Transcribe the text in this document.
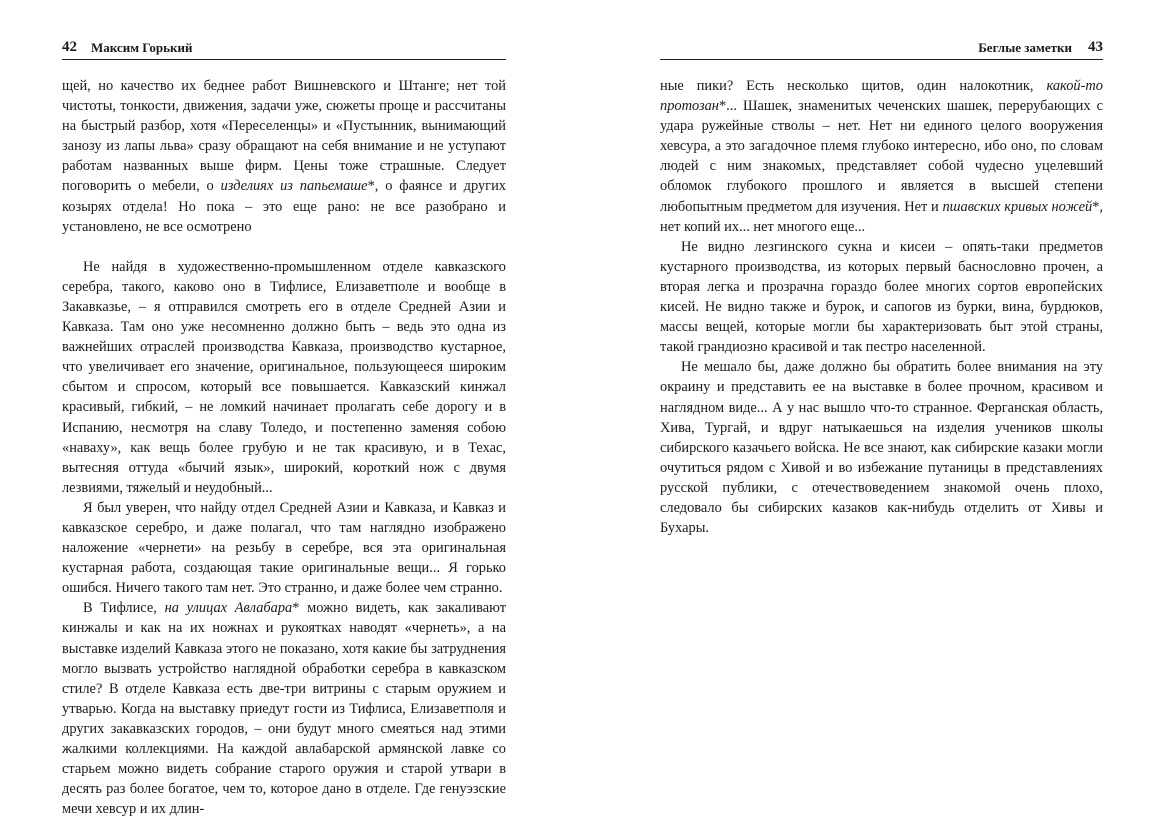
42 Максим Горький

щей, но качество их беднее работ Вишневского и Штанге; нет той чистоты, тонкости, движения, задачи уже, сюжеты проще и рассчитаны на быстрый разбор, хотя «Переселенцы» и «Пустынник, вынимающий занозу из лапы льва» сразу обращают на себя внимание и не уступают работам названных выше фирм. Цены тоже страшные. Следует поговорить о мебели, о изделиях из папьемаше*, о фаянсе и других козырях отдела! Но пока – это еще рано: не все разобрано и установлено, не все осмотрено

Не найдя в художественно-промышленном отделе кавказского серебра, такого, каково оно в Тифлисе, Елизаветполе и вообще в Закавказье, – я отправился смотреть его в отделе Средней Азии и Кавказа. Там оно уже несомненно должно быть – ведь это одна из важнейших отраслей производства Кавказа, производство кустарное, что увеличивает его значение, оригинальное, пользующееся широким сбытом и спросом, который все повышается. Кавказский кинжал красивый, гибкий, – не ломкий начинает пролагать себе дорогу и в Испанию, несмотря на славу Толедо, и постепенно заменяя собою «наваху», как вещь более грубую и не так красивую, и в Техас, вытесняя оттуда «бычий язык», широкий, короткий нож с двумя лезвиями, тяжелый и неудобный...

Я был уверен, что найду отдел Средней Азии и Кавказа, и Кавказ и кавказское серебро, и даже полагал, что там наглядно изображено наложение «чернети» на резьбу в серебре, вся эта оригинальная кустарная работа, создающая такие оригинальные вещи... Я горько ошибся. Ничего такого там нет. Это странно, и даже более чем странно.

В Тифлисе, на улицах Авлабара* можно видеть, как закаливают кинжалы и как на их ножнах и рукоятках наводят «чернеть», а на выставке изделий Кавказа этого не показано, хотя какие бы затруднения могло вызвать устройство наглядной обработки серебра в кавказском стиле? В отделе Кавказа есть две-три витрины с старым оружием и утварью. Когда на выставку приедут гости из Тифлиса, Елизаветполя и других закавказских городов, – они будут много смеяться над этими жалкими коллекциями. На каждой авлабарской армянской лавке со старьем можно видеть собрание старого оружия и старой утвари в десять раз более богатое, чем то, которое дано в отделе. Где генуэзские мечи хевсур и их длин-

Беглые заметки 43

ные пики? Есть несколько щитов, один налокотник, какой-то протозан*... Шашек, знаменитых чеченских шашек, перерубающих с удара ружейные стволы – нет. Нет ни единого целого вооружения хевсура, а это загадочное племя глубоко интересно, ибо оно, по словам людей с ним знакомых, представляет собой чудесно уцелевший обломок глубокого прошлого и является в высшей степени любопытным предметом для изучения. Нет и пшавских кривых ножей*, нет копий их... нет многого еще...

Не видно лезгинского сукна и кисеи – опять-таки предметов кустарного производства, из которых первый баснословно прочен, а вторая легка и прозрачна гораздо более многих сортов европейских кисей. Не видно также и бурок, и сапогов из бурки, вина, бурдюков, массы вещей, которые могли бы характеризовать быт этой страны, такой грандиозно красивой и так пестро населенной.

Не мешало бы, даже должно бы обратить более внимания на эту окраину и представить ее на выставке в более прочном, красивом и наглядном виде... А у нас вышло что-то странное. Ферганская область, Хива, Тургай, и вдруг натыкаешься на изделия учеников школы сибирского казачьего войска. Не все знают, как сибирские казаки могли очутиться рядом с Хивой и во избежание путаницы в представлениях русской публики, с отечествоведением знакомой очень плохо, следовало бы сибирских казаков как-нибудь отделить от Хивы и Бухары.
